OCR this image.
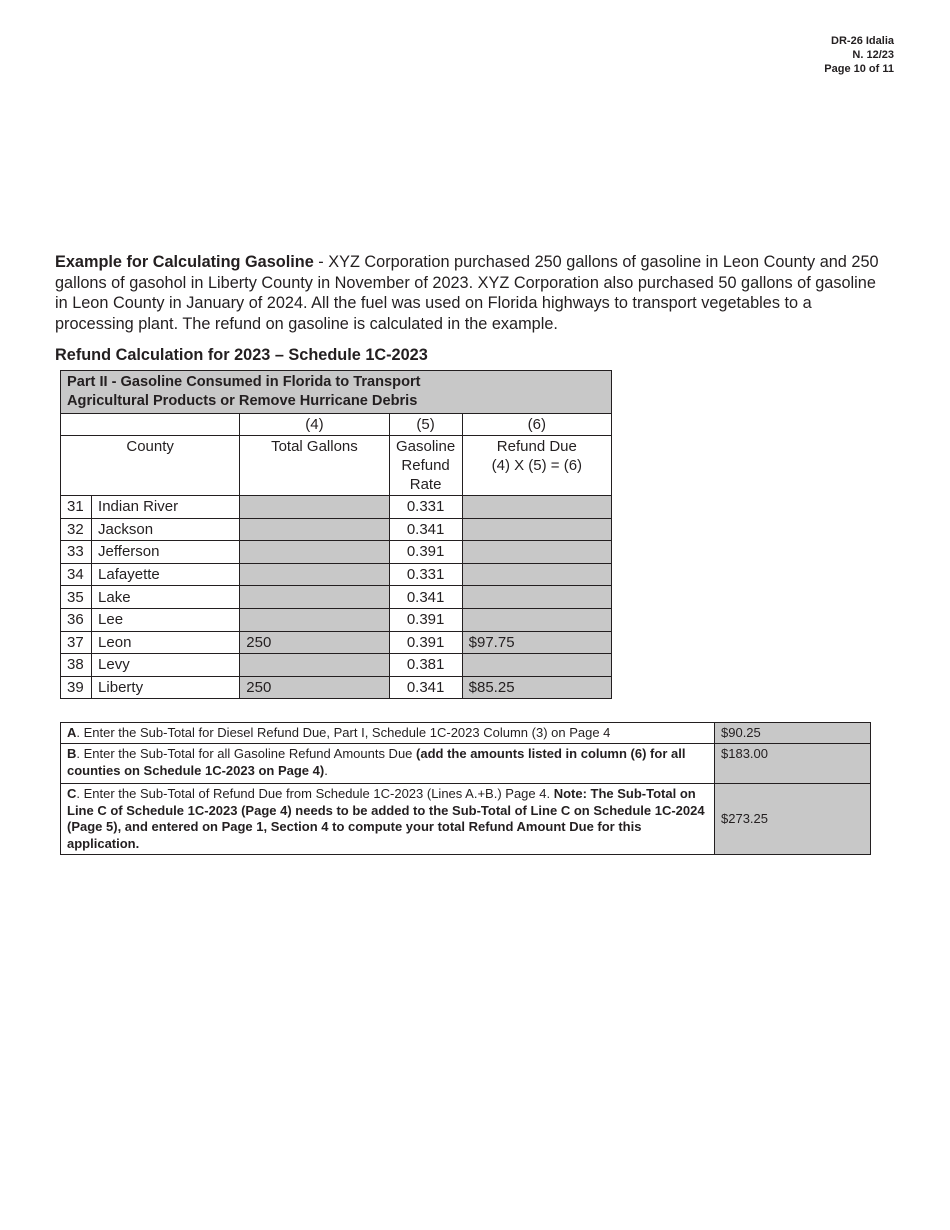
DR-26 Idalia
N. 12/23
Page 10 of 11
Example for Calculating Gasoline - XYZ Corporation purchased 250 gallons of gasoline in Leon County and 250 gallons of gasohol in Liberty County in November of 2023. XYZ Corporation also purchased 50 gallons of gasoline in Leon County in January of 2024. All the fuel was used on Florida highways to transport vegetables to a processing plant. The refund on gasoline is calculated in the example.
Refund Calculation for 2023 – Schedule 1C-2023
Part II - Gasoline Consumed in Florida to Transport
Agricultural Products or Remove Hurricane Debris				
		(4)	(5)	(6)
County		Total Gallons	Gasoline
Refund
Rate	Refund Due
(4) X (5) = (6)
31	Indian River		0.331	
32	Jackson		0.341	
33	Jefferson		0.391	
34	Lafayette		0.331	
35	Lake		0.341	
36	Lee		0.391	
37	Leon	250	0.391	$97.75
38	Levy		0.381	
39	Liberty	250	0.341	$85.25
A. Enter the Sub-Total for Diesel Refund Due, Part I, Schedule 1C-2023 Column (3) on Page 4	$90.25
B. Enter the Sub-Total for all Gasoline Refund Amounts Due (add the amounts listed in column (6) for all counties on Schedule 1C-2023 on Page 4).	$183.00
C. Enter the Sub-Total of Refund Due from Schedule 1C-2023 (Lines A.+B.) Page 4. Note: The Sub-Total on Line C of Schedule 1C-2023 (Page 4) needs to be added to the Sub-Total of Line C on Schedule 1C-2024 (Page 5), and entered on Page 1, Section 4 to compute your total Refund Amount Due for this application.	$273.25
